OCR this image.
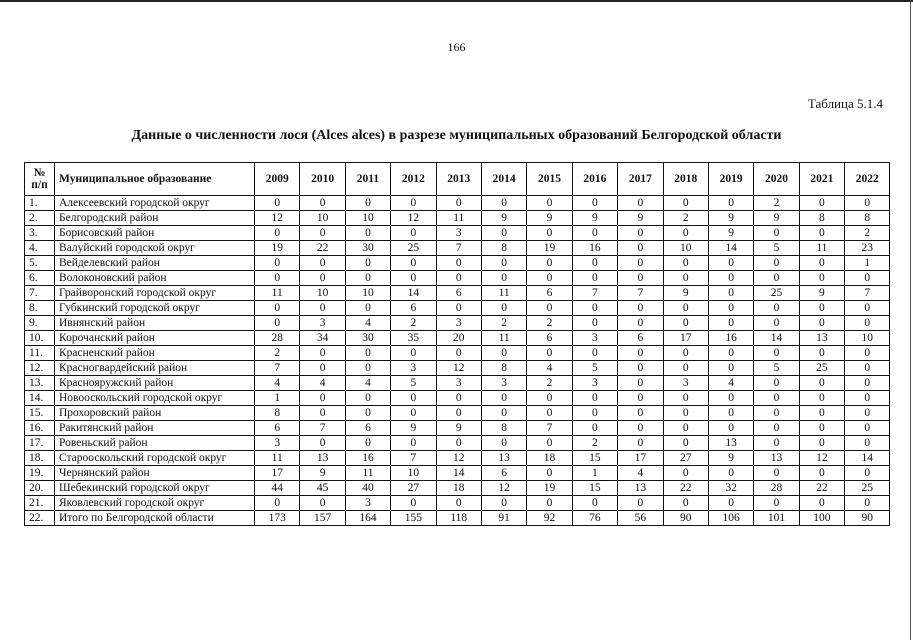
166
Таблица 5.1.4
Данные о численности лося (Alces alces) в разрезе муниципальных образований Белгородской области
№
п/п	Муниципальное образование	2009	2010	2011	2012	2013	2014	2015	2016	2017	2018	2019	2020	2021	2022
1.	Алексеевский городской округ	0	0	0	0	0	0	0	0	0	0	0	2	0	0
2.	Белгородский район	12	10	10	12	11	9	9	9	9	2	9	9	8	8
3.	Борисовский район	0	0	0	0	3	0	0	0	0	0	9	0	0	2
4.	Валуйский городской округ	19	22	30	25	7	8	19	16	0	10	14	5	11	23
5.	Вейделевский район	0	0	0	0	0	0	0	0	0	0	0	0	0	1
6.	Волоконовский район	0	0	0	0	0	0	0	0	0	0	0	0	0	0
7.	Грайворонский городской округ	11	10	10	14	6	11	6	7	7	9	0	25	9	7
8.	Губкинский городской округ	0	0	0	6	0	0	0	0	0	0	0	0	0	0
9.	Ивнянский район	0	3	4	2	3	2	2	0	0	0	0	0	0	0
10.	Корочанский район	28	34	30	35	20	11	6	3	6	17	16	14	13	10
11.	Красненский район	2	0	0	0	0	0	0	0	0	0	0	0	0	0
12.	Красногвардейский район	7	0	0	3	12	8	4	5	0	0	0	5	25	0
13.	Краснояружский район	4	4	4	5	3	3	2	3	0	3	4	0	0	0
14.	Новооскольский городской округ	1	0	0	0	0	0	0	0	0	0	0	0	0	0
15.	Прохоровский район	8	0	0	0	0	0	0	0	0	0	0	0	0	0
16.	Ракитянский район	6	7	6	9	9	8	7	0	0	0	0	0	0	0
17.	Ровеньский район	3	0	0	0	0	0	0	2	0	0	13	0	0	0
18.	Старооскольский городской округ	11	13	16	7	12	13	18	15	17	27	9	13	12	14
19.	Чернянский район	17	9	11	10	14	6	0	1	4	0	0	0	0	0
20.	Шебекинский городской округ	44	45	40	27	18	12	19	15	13	22	32	28	22	25
21.	Яковлевский городской округ	0	0	3	0	0	0	0	0	0	0	0	0	0	0
22.	Итого по Белгородской области	173	157	164	155	118	91	92	76	56	90	106	101	100	90
